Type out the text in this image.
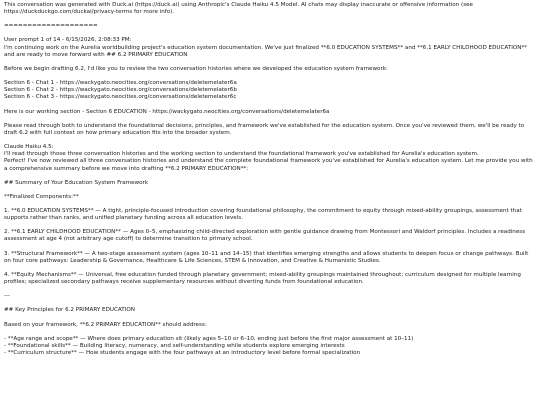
This conversation was generated with Duck.ai (https://duck.ai) using Anthropic's Claude Haiku 4.5 Model. AI chats may display inaccurate or offensive information (see https://duckduckgo.com/duckai/privacy-terms for more info).

====================

User prompt 1 of 14 - 6/15/2026, 2:08:33 PM:
I'm continuing work on the Aurelia worldbuilding project's education system documentation. We've just finalized **6.0 EDUCATION SYSTEMS** and **6.1 EARLY CHILDHOOD EDUCATION** and are ready to move forward with ## 6.2 PRIMARY EDUCATION

Before we begin drafting 6.2, I'd like you to review the two conversation histories where we developed the education system framework:

Section 6 - Chat 1 - https://wackygato.neocities.org/conversations/deletemelater6a
Section 6 - Chat 2 - https://wackygato.neocities.org/conversations/deletemelater6b
Section 6 - Chat 3 - https://wackygato.neocities.org/conversations/deletemelater6c

Here is our working section - Section 6 EDUCATION - https://wackygato.neocities.org/conversations/deletemelater6a

Please read through both to understand the foundational decisions, principles, and framework we've established for the education system. Once you've reviewed them, we'll be ready to draft 6.2 with full context on how primary education fits into the broader system.

Claude Haiku 4.5:
I'll read through those three conversation histories and the working section to understand the foundational framework you've established for Aurelia's education system.
Perfect! I've now reviewed all three conversation histories and understand the complete foundational framework you've established for Aurelia's education system. Let me provide you with a comprehensive summary before we move into drafting **6.2 PRIMARY EDUCATION**:

## Summary of Your Education System Framework

**Finalized Components:**

1. **6.0 EDUCATION SYSTEMS** — A tight, principle-focused introduction covering foundational philosophy, the commitment to equity through mixed-ability groupings, assessment that supports rather than ranks, and unified planetary funding across all education levels.

2. **6.1 EARLY CHILDHOOD EDUCATION** — Ages 0–5, emphasizing child-directed exploration with gentle guidance drawing from Montessori and Waldorf principles. Includes a readiness assessment at age 4 (not arbitrary age cutoff) to determine transition to primary school.

3. **Structural Framework** — A two-stage assessment system (ages 10–11 and 14–15) that identifies emerging strengths and allows students to deepen focus or change pathways. Built on four core pathways: Leadership & Governance, Healthcare & Life Sciences, STEM & Innovation, and Creative & Humanistic Studies.

4. **Equity Mechanisms** — Universal, free education funded through planetary government; mixed-ability groupings maintained throughout; curriculum designed for multiple learning profiles; specialized secondary pathways receive supplementary resources without diverting funds from foundational education.

---

## Key Principles for 6.2 PRIMARY EDUCATION

Based on your framework, **6.2 PRIMARY EDUCATION** should address:

- **Age range and scope** — Where does primary education sit (likely ages 5–10 or 6–10, ending just before the first major assessment at 10–11)
- **Foundational skills** — Building literacy, numeracy, and self-understanding while students explore emerging interests
- **Curriculum structure** — How students engage with the four pathways at an introductory level before formal specialization
